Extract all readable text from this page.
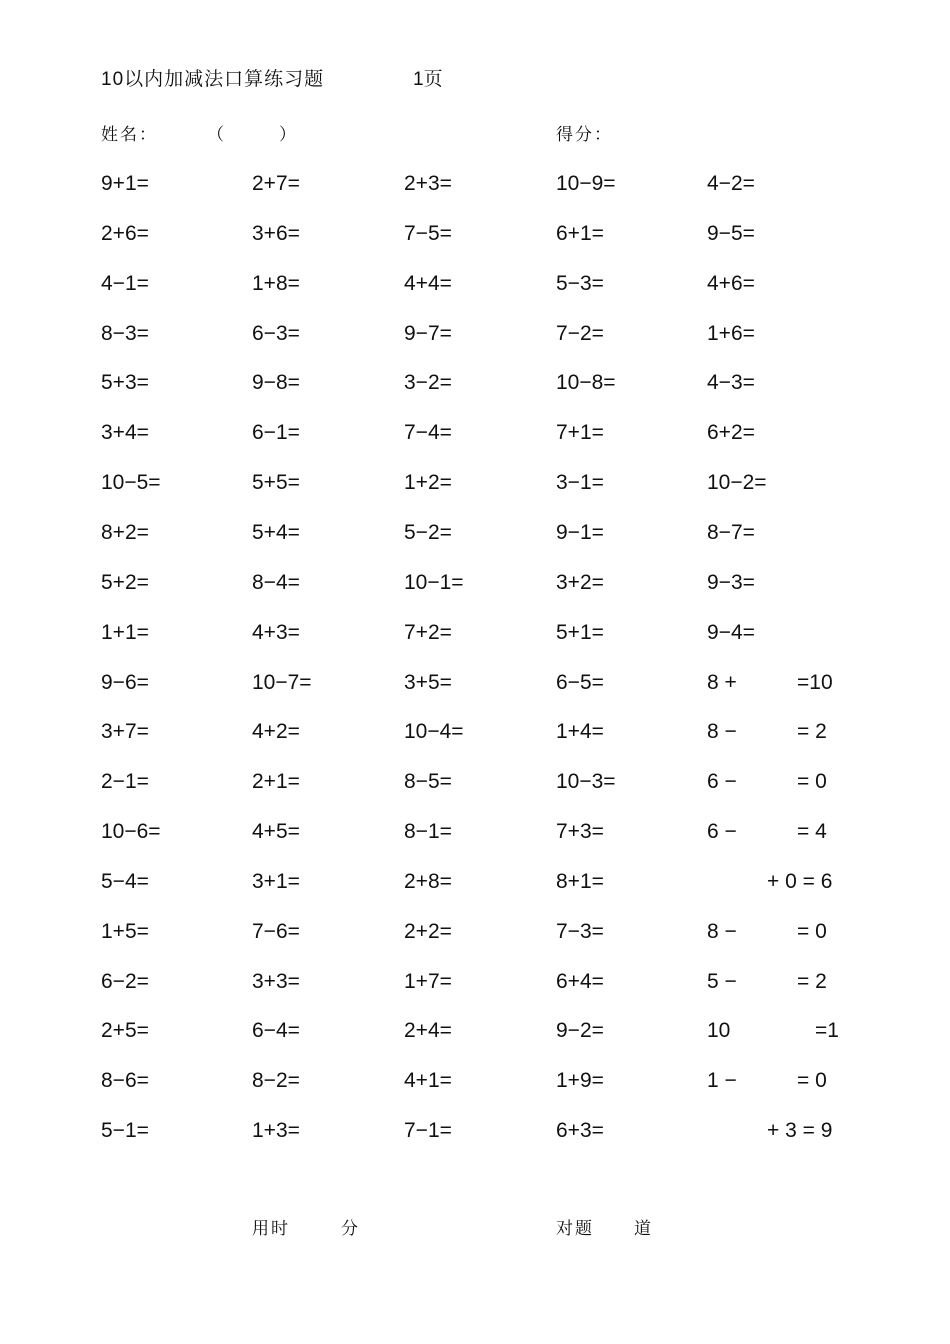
10以内加减法口算练习题	1页
姓名：	（	）	得分：
9+1=	2+7=	2+3=	10−9=	4−2=
2+6=	3+6=	7−5=	6+1=	9−5=
4−1=	1+8=	4+4=	5−3=	4+6=
8−3=	6−3=	9−7=	7−2=	1+6=
5+3=	9−8=	3−2=	10−8=	4−3=
3+4=	6−1=	7−4=	7+1=	6+2=
10−5=	5+5=	1+2=	3−1=	10−2=
8+2=	5+4=	5−2=	9−1=	8−7=
5+2=	8−4=	10−1=	3+2=	9−3=
1+1=	4+3=	7+2=	5+1=	9−4=
9−6=	10−7=	3+5=	6−5=	8 +	=10
3+7=	4+2=	10−4=	1+4=	8 −	= 2
2−1=	2+1=	8−5=	10−3=	6 −	= 0
10−6=	4+5=	8−1=	7+3=	6 −	= 4
5−4=	3+1=	2+8=	8+1=	+ 0 = 6
1+5=	7−6=	2+2=	7−3=	8 −	= 0
6−2=	3+3=	1+7=	6+4=	5 −	= 2
2+5=	6−4=	2+4=	9−2=	10	=1
8−6=	8−2=	4+1=	1+9=	1 −	= 0
5−1=	1+3=	7−1=	6+3=	+ 3 = 9
用时	分	对题 道
